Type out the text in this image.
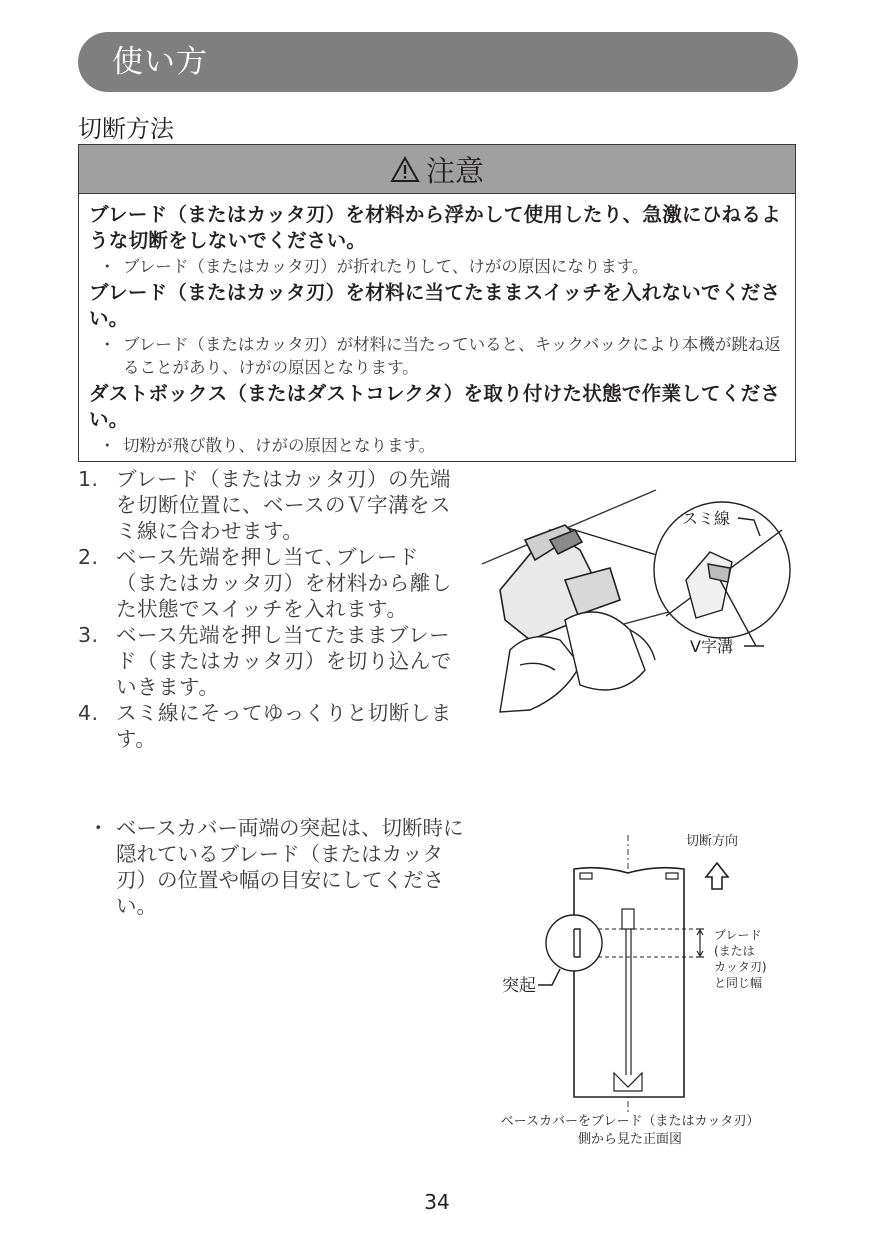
使い方
切断方法
注意
ブレード（またはカッタ刃）を材料から浮かして使用したり、急激にひねるような切断をしないでください。
・ ブレード（またはカッタ刃）が折れたりして、けがの原因になります。
ブレード（またはカッタ刃）を材料に当てたままスイッチを入れないでください。
・ ブレード（またはカッタ刃）が材料に当たっていると、キックバックにより本機が跳ね返ることがあり、けがの原因となります。
ダストボックス（またはダストコレクタ）を取り付けた状態で作業してください。
・ 切粉が飛び散り、けがの原因となります。
1. ブレード（またはカッタ刃）の先端を切断位置に、ベースのＶ字溝をスミ線に合わせます。
2. ベース先端を押し当て､ブレード（またはカッタ刃）を材料から離した状態でスイッチを入れます。
3. ベース先端を押し当てたままブレード（またはカッタ刃）を切り込んでいきます。
4. スミ線にそってゆっくりと切断します。
スミ線
V字溝
・ ベースカバー両端の突起は、切断時に隠れているブレード（またはカッタ刃）の位置や幅の目安にしてください。
切断方向
ブレード
(または
カッタ刃)
と同じ幅
突起
ベースカバーをブレード（またはカッタ刃）
側から見た正面図
34
